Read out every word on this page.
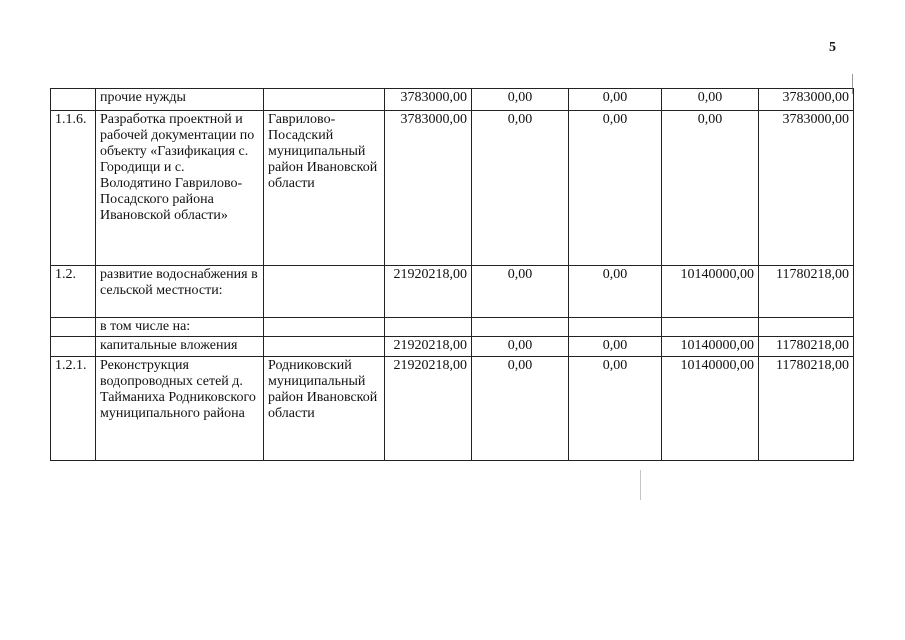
5
	прочие нужды		3783000,00	0,00	0,00	0,00	3783000,00
1.1.6.	Разработка проектной и рабочей документации по объекту «Газификация с. Городищи и с. Володятино Гаврилово-Посадского района Ивановской области»	Гаврилово-Посадский муниципальный район Ивановской области	3783000,00	0,00	0,00	0,00	3783000,00
1.2.	развитие водоснабжения в сельской местности:		21920218,00	0,00	0,00	10140000,00	11780218,00
	в том числе на:						
	капитальные вложения		21920218,00	0,00	0,00	10140000,00	11780218,00
1.2.1.	Реконструкция водопроводных сетей д. Тайманиха Родниковского муниципального района	Родниковский муниципальный район Ивановской области	21920218,00	0,00	0,00	10140000,00	11780218,00
